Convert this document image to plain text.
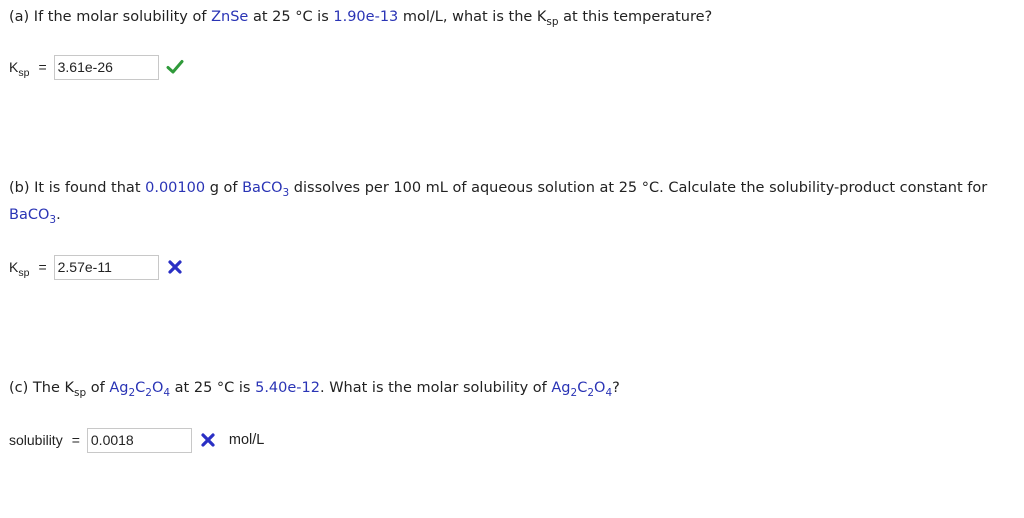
(a) If the molar solubility of ZnSe at 25 °C is 1.90e-13 mol/L, what is the $K_{sp}$ at this temperature?
$K_{sp}$ =
3.61e-26
(b) It is found that 0.00100 g of BaCO$_3$ dissolves per 100 mL of aqueous solution at 25 °C. Calculate the solubility-product constant for
BaCO$_3$.
$K_{sp}$ =
2.57e-11
(c) The $K_{sp}$ of $Ag_2C_2O_4$ at 25 °C is 5.40e-12. What is the molar solubility of $Ag_2C_2O_4$?
solubility =
0.0018	mol/L
